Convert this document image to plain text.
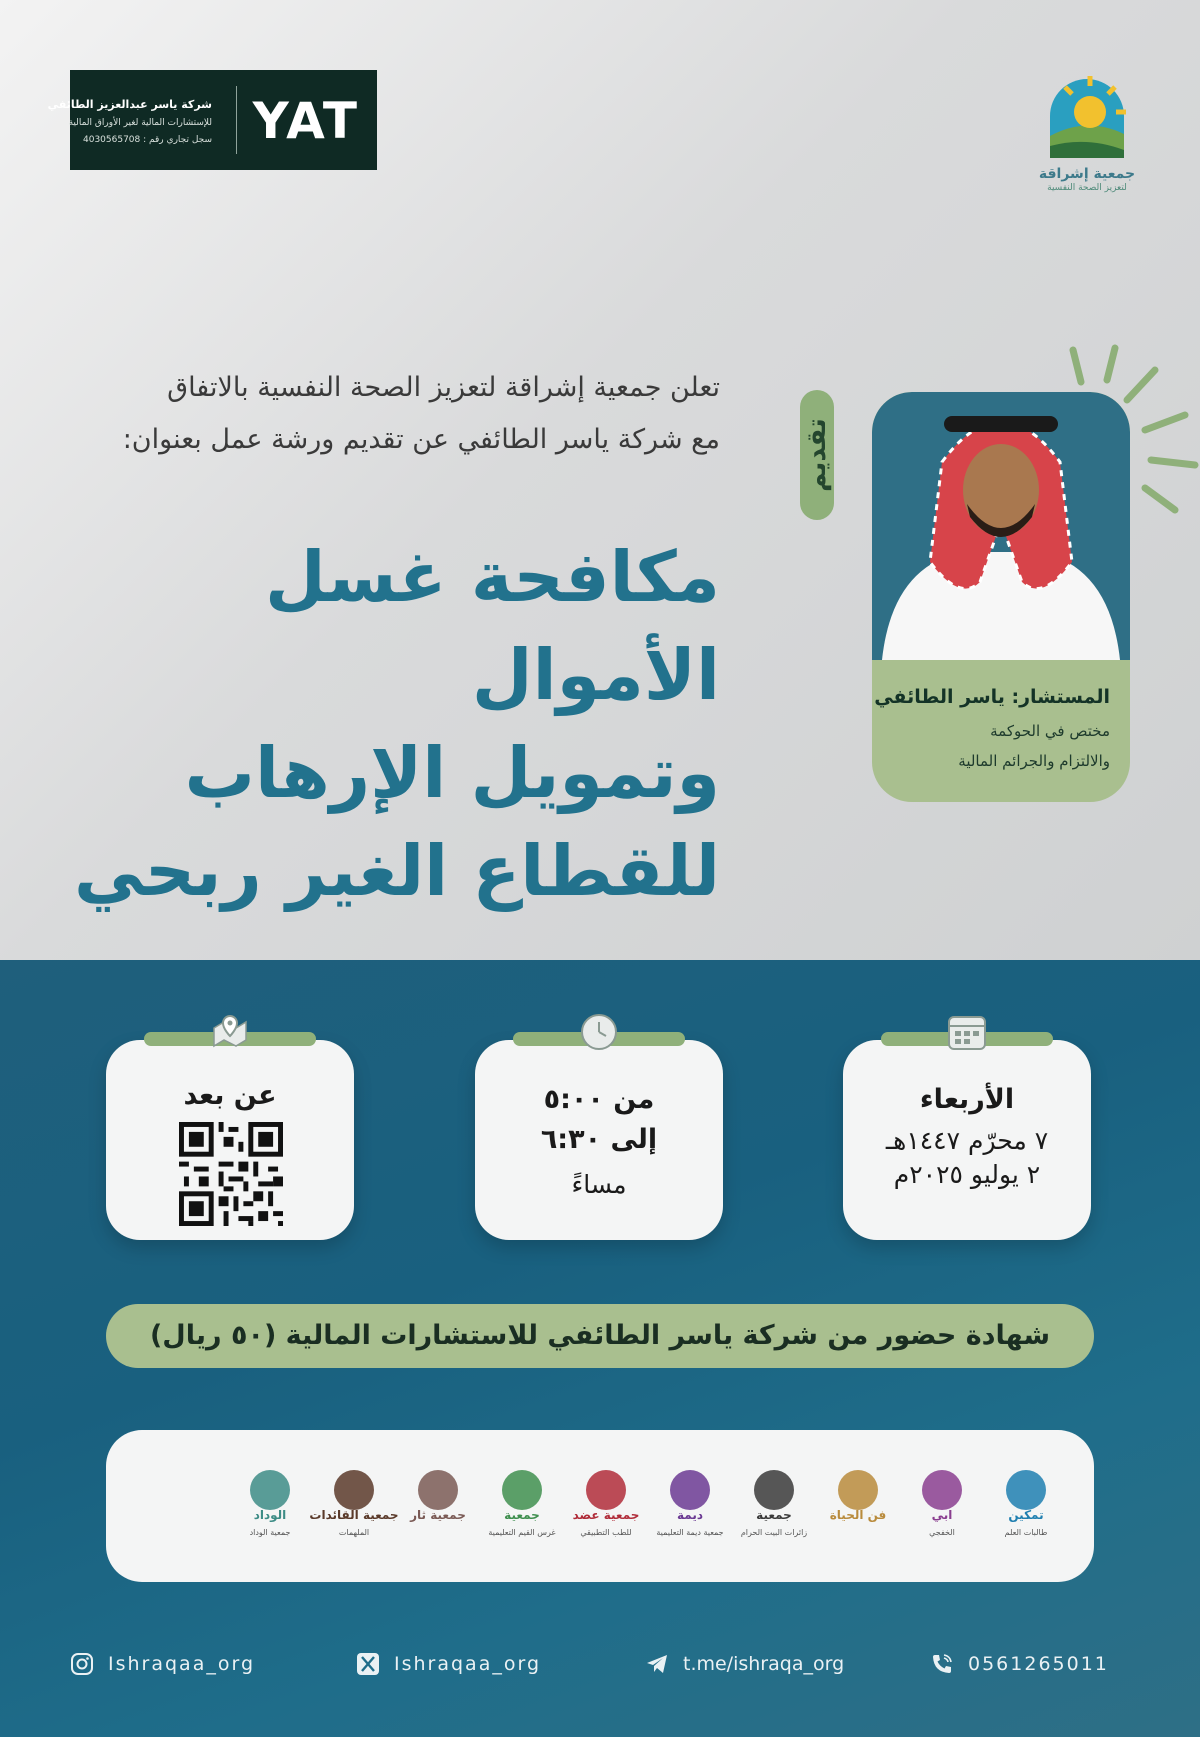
YAT
شركة ياسر عبدالعزيز الطائفي
للإستشارات المالية لغير الأوراق المالية
سجل تجاري رقم : 4030565708
جمعية إشراقة
لتعزيز الصحة النفسية
تعلن جمعية إشراقة لتعزيز الصحة النفسية بالاتفاق
مع شركة ياسر الطائفي عن تقديم ورشة عمل بعنوان:
مكافحة غسل الأموال
وتمويل الإرهاب
للقطاع الغير ربحي
تقديم
المستشار: ياسر الطائفي
مختص في الحوكمة
والالتزام والجرائم المالية
الأربعاء
٧ محرّم ١٤٤٧هـ
٢ يوليو ٢٠٢٥م
من ٥:٠٠
إلى ٦:٣٠
مساءً
عن بعد
شهادة حضور من شركة ياسر الطائفي للاستشارات المالية (٥٠ ريال)
تمكين
طالبات العلم
ابي
الخفجي
فن الحياة
جمعية
زائرات البيت الحرام
ديمة
جمعية ديمة التعليمية
جمعية عضد
للطب التطبيقي
جمعية
غرس القيم التعليمية
جمعية ثار
جمعية القائدات
الملهمات
الوداد
جمعية الوداد
Ishraqaa_org	Ishraqaa_org	t.me/ishraqa_org	0561265011
